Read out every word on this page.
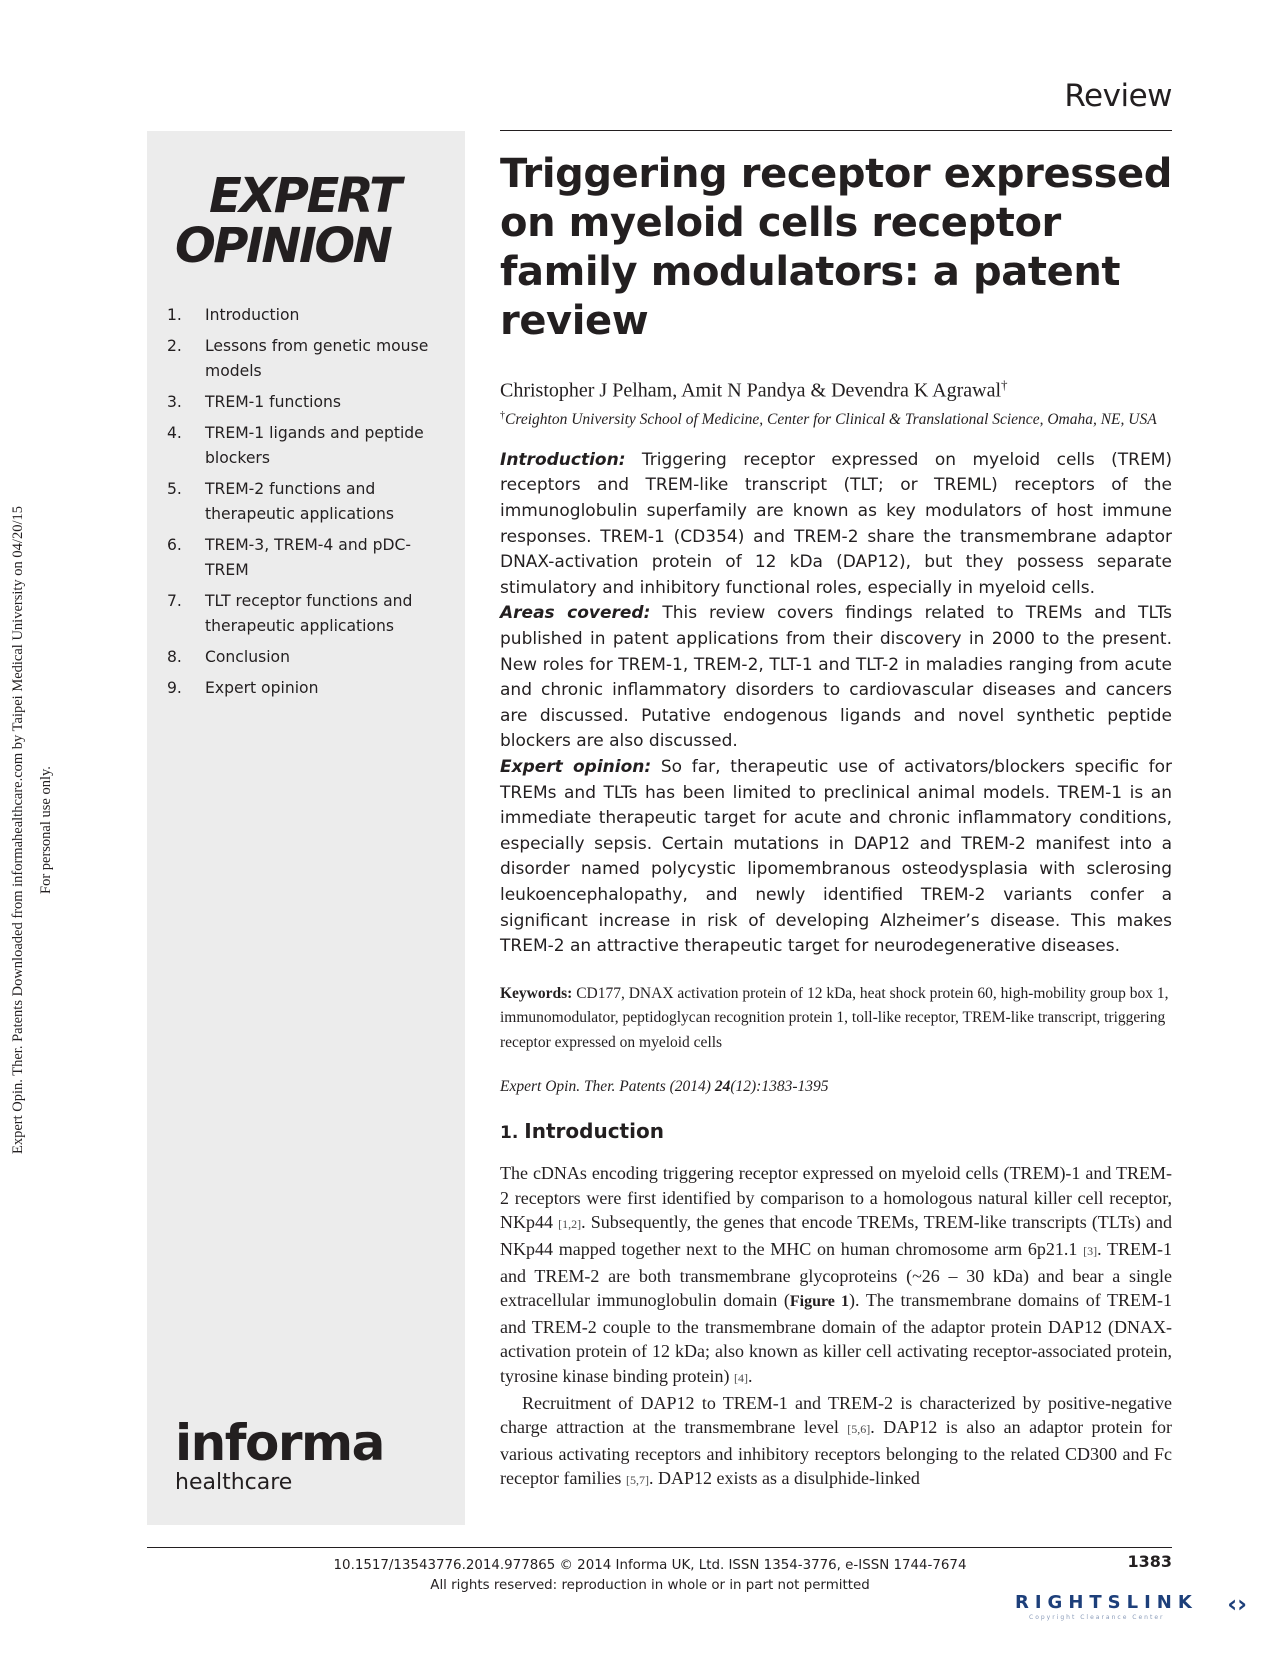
Expert Opin. Ther. Patents Downloaded from informahealthcare.com by Taipei Medical University on 04/20/15 For personal use only.
Review
EXPERT
OPINION
1.	Introduction
2.	Lessons from genetic mouse models
3.	TREM-1 functions
4.	TREM-1 ligands and peptide blockers
5.	TREM-2 functions and therapeutic applications
6.	TREM-3, TREM-4 and pDC-TREM
7.	TLT receptor functions and therapeutic applications
8.	Conclusion
9.	Expert opinion
informa
healthcare
Triggering receptor expressed on myeloid cells receptor family modulators: a patent review
Christopher J Pelham, Amit N Pandya & Devendra K Agrawal†
†Creighton University School of Medicine, Center for Clinical & Translational Science, Omaha, NE, USA

Introduction: Triggering receptor expressed on myeloid cells (TREM) receptors and TREM-like transcript (TLT; or TREML) receptors of the immunoglobulin superfamily are known as key modulators of host immune responses. TREM-1 (CD354) and TREM-2 share the transmembrane adaptor DNAX-activation protein of 12 kDa (DAP12), but they possess separate stimulatory and inhibitory functional roles, especially in myeloid cells.

Areas covered: This review covers findings related to TREMs and TLTs published in patent applications from their discovery in 2000 to the present. New roles for TREM-1, TREM-2, TLT-1 and TLT-2 in maladies ranging from acute and chronic inflammatory disorders to cardiovascular diseases and cancers are discussed. Putative endogenous ligands and novel synthetic peptide blockers are also discussed.

Expert opinion: So far, therapeutic use of activators/blockers specific for TREMs and TLTs has been limited to preclinical animal models. TREM-1 is an immediate therapeutic target for acute and chronic inflammatory conditions, especially sepsis. Certain mutations in DAP12 and TREM-2 manifest into a disorder named polycystic lipomembranous osteodysplasia with sclerosing leukoencephalopathy, and newly identified TREM-2 variants confer a significant increase in risk of developing Alzheimer’s disease. This makes TREM-2 an attractive therapeutic target for neurodegenerative diseases.

Keywords: CD177, DNAX activation protein of 12 kDa, heat shock protein 60, high-mobility group box 1, immunomodulator, peptidoglycan recognition protein 1, toll-like receptor, TREM-like transcript, triggering receptor expressed on myeloid cells
Expert Opin. Ther. Patents (2014) 24(12):1383-1395
1. Introduction

The cDNAs encoding triggering receptor expressed on myeloid cells (TREM)-1 and TREM-2 receptors were first identified by comparison to a homologous natural killer cell receptor, NKp44 [1,2]. Subsequently, the genes that encode TREMs, TREM-like transcripts (TLTs) and NKp44 mapped together next to the MHC on human chromosome arm 6p21.1 [3]. TREM-1 and TREM-2 are both transmembrane glycoproteins (~26 – 30 kDa) and bear a single extracellular immunoglobulin domain (Figure 1). The transmembrane domains of TREM-1 and TREM-2 couple to the transmembrane domain of the adaptor protein DAP12 (DNAX-activation protein of 12 kDa; also known as killer cell activating receptor-associated protein, tyrosine kinase binding protein) [4].

Recruitment of DAP12 to TREM-1 and TREM-2 is characterized by positive-negative charge attraction at the transmembrane level [5,6]. DAP12 is also an adaptor protein for various activating receptors and inhibitory receptors belonging to the related CD300 and Fc receptor families [5,7]. DAP12 exists as a disulphide-linked

10.1517/13543776.2014.977865 © 2014 Informa UK, Ltd. ISSN 1354-3776, e-ISSN 1744-7674
All rights reserved: reproduction in whole or in part not permitted
1383
RIGHTSLINK
Copyright Clearance Center	‹›
